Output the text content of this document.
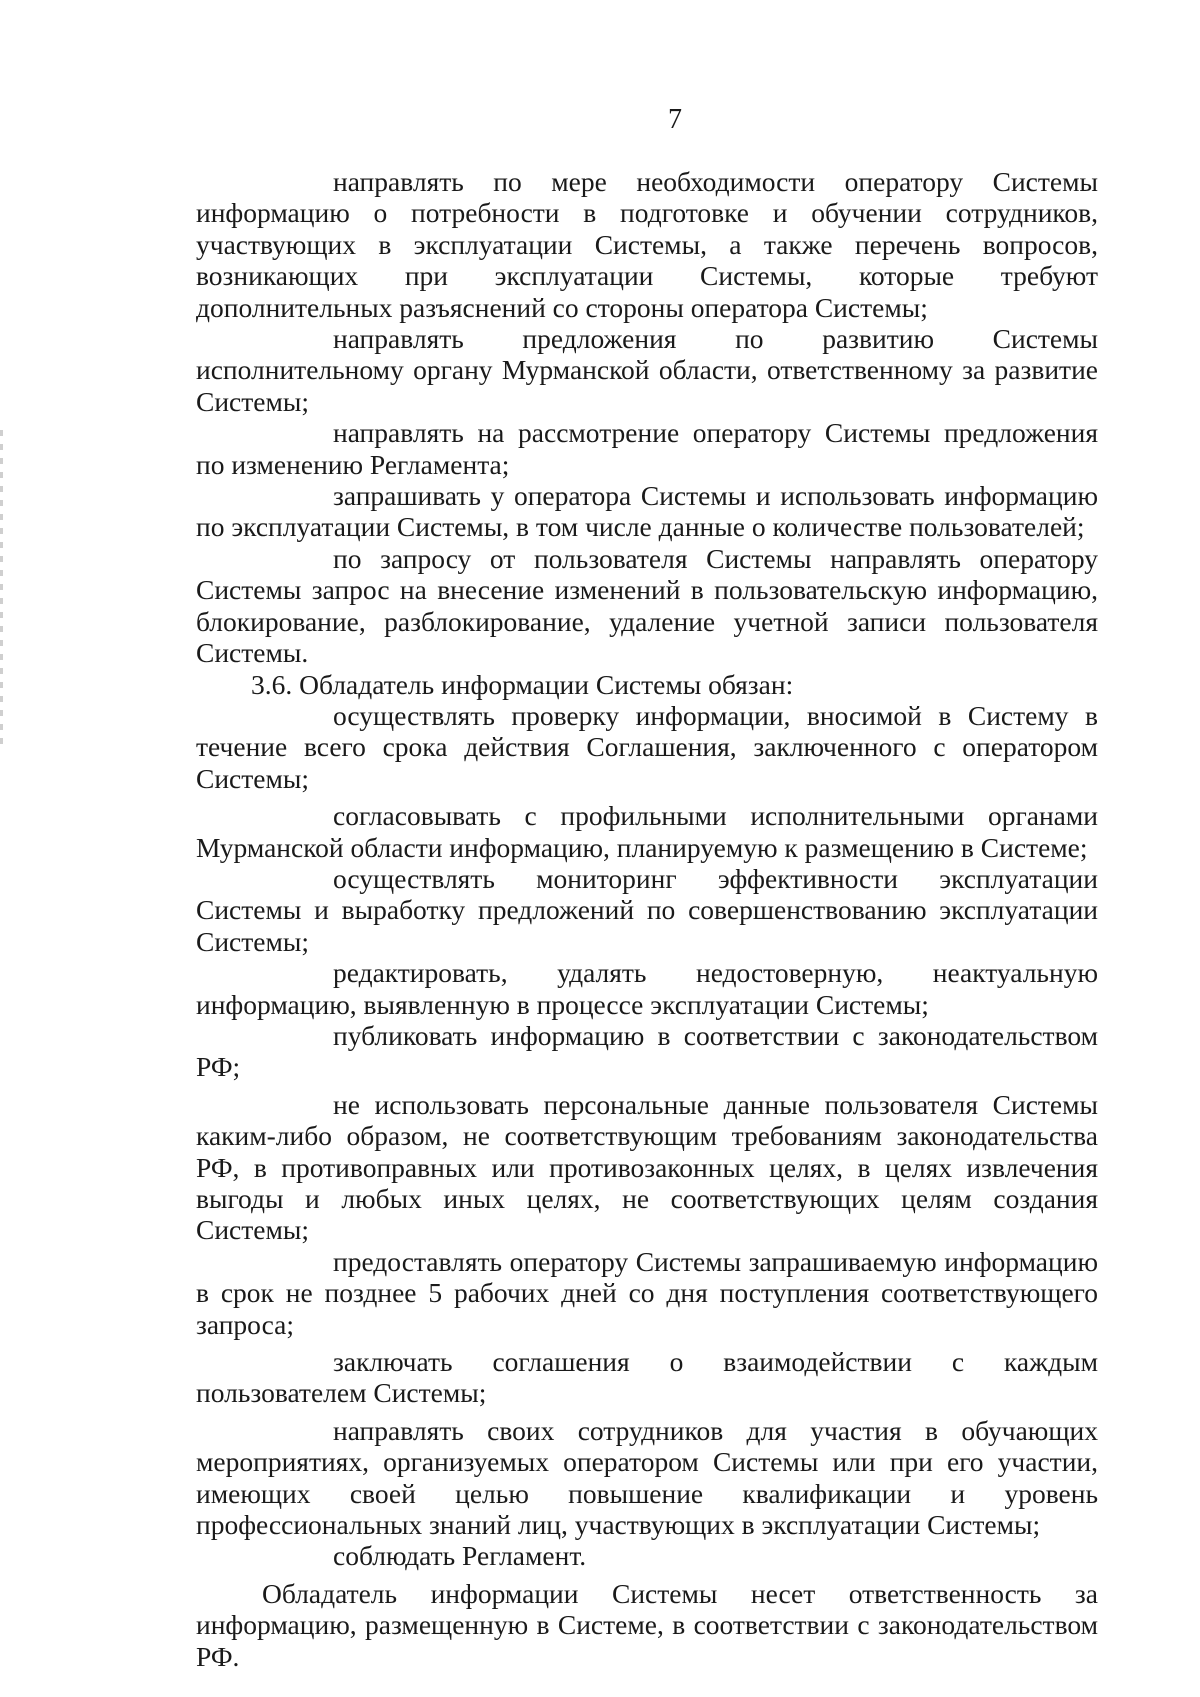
7

направлять по мере необходимости оператору Системы информацию о потребности в подготовке и обучении сотрудников, участвующих в эксплуатации Системы, а также перечень вопросов, возникающих при эксплуатации Системы, которые требуют дополнительных разъяснений со стороны оператора Системы;

направлять предложения по развитию Системы исполнительному органу Мурманской области, ответственному за развитие Системы;

направлять на рассмотрение оператору Системы предложения по изменению Регламента;

запрашивать у оператора Системы и использовать информацию по эксплуатации Системы, в том числе данные о количестве пользователей;

по запросу от пользователя Системы направлять оператору Системы запрос на внесение изменений в пользовательскую информацию, блокирование, разблокирование, удаление учетной записи пользователя Системы.

3.6. Обладатель информации Системы обязан:

осуществлять проверку информации, вносимой в Систему в течение всего срока действия Соглашения, заключенного с оператором Системы;

согласовывать с профильными исполнительными органами Мурманской области информацию, планируемую к размещению в Системе;

осуществлять мониторинг эффективности эксплуатации Системы и выработку предложений по совершенствованию эксплуатации Системы;

редактировать, удалять недостоверную, неактуальную информацию, выявленную в процессе эксплуатации Системы;

публиковать информацию в соответствии с законодательством РФ;

не использовать персональные данные пользователя Системы каким-либо образом, не соответствующим требованиям законодательства РФ, в противоправных или противозаконных целях, в целях извлечения выгоды и любых иных целях, не соответствующих целям создания Системы;

предоставлять оператору Системы запрашиваемую информацию в срок не позднее 5 рабочих дней со дня поступления соответствующего запроса;

заключать соглашения о взаимодействии с каждым пользователем Системы;

направлять своих сотрудников для участия в обучающих мероприятиях, организуемых оператором Системы или при его участии, имеющих своей целью повышение квалификации и уровень профессиональных знаний лиц, участвующих в эксплуатации Системы;

соблюдать Регламент.

Обладатель информации Системы несет ответственность за информацию, размещенную в Системе, в соответствии с законодательством РФ.
